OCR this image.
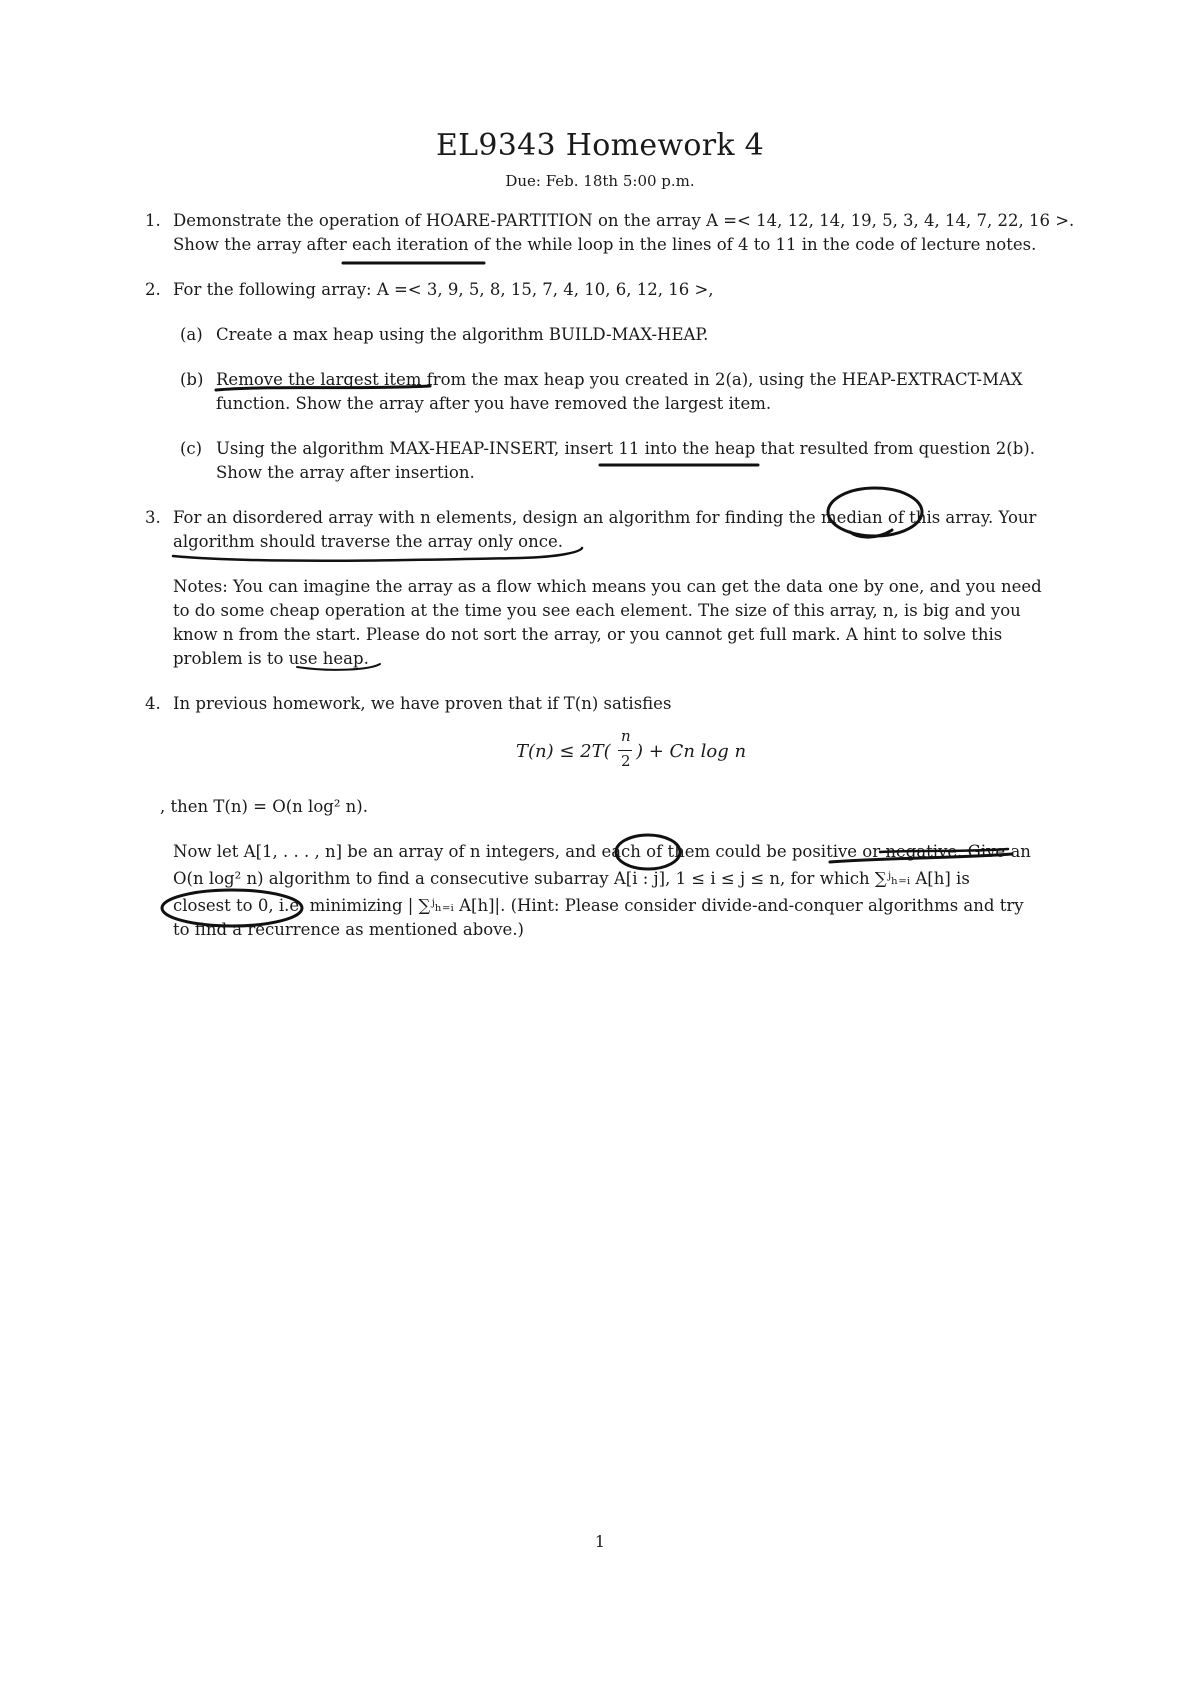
EL9343 Homework 4
Due: Feb. 18th 5:00 p.m.
1. Demonstrate the operation of HOARE-PARTITION on the array A =< 14, 12, 14, 19, 5, 3, 4, 14, 7, 22, 16 >.
Show the array after each iteration of the while loop in the lines of 4 to 11 in the code of lecture notes.
2. For the following array: A =< 3, 9, 5, 8, 15, 7, 4, 10, 6, 12, 16 >,
(a) Create a max heap using the algorithm BUILD-MAX-HEAP.
(b) Remove the largest item from the max heap you created in 2(a), using the HEAP-EXTRACT-MAX
function. Show the array after you have removed the largest item.
(c) Using the algorithm MAX-HEAP-INSERT, insert 11 into the heap that resulted from question 2(b).
Show the array after insertion.
3. For an disordered array with n elements, design an algorithm for finding the median of this array. Your
algorithm should traverse the array only once.
Notes: You can imagine the array as a flow which means you can get the data one by one, and you need
to do some cheap operation at the time you see each element. The size of this array, n, is big and you
know n from the start. Please do not sort the array, or you cannot get full mark. A hint to solve this
problem is to use heap.
4. In previous homework, we have proven that if T(n) satisfies
T(n) ≤ 2T(
n
2 ) + Cn log n
, then T(n) = O(n log² n).
Now let A[1, . . . , n] be an array of n integers, and each of them could be positive or negative. Give an
O(n log² n) algorithm to find a consecutive subarray A[i : j], 1 ≤ i ≤ j ≤ n, for which ∑ʲₕ₌ᵢ A[h] is
closest to 0, i.e. minimizing | ∑ʲₕ₌ᵢ A[h]|. (Hint: Please consider divide-and-conquer algorithms and try
to find a recurrence as mentioned above.)
1
